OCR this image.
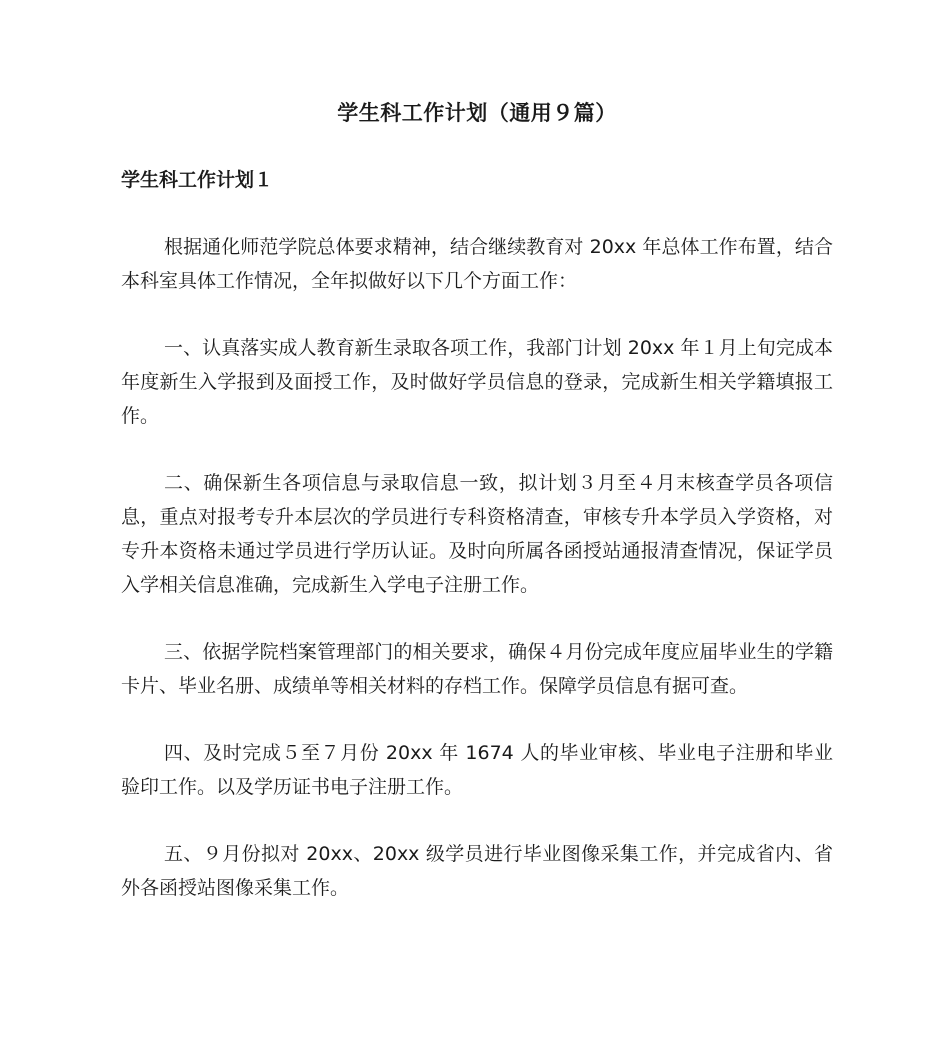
学生科工作计划（通用９篇）
学生科工作计划１

根据通化师范学院总体要求精神，结合继续教育对 20xx 年总体工作布置，结合本科室具体工作情况，全年拟做好以下几个方面工作：

一、认真落实成人教育新生录取各项工作，我部门计划 20xx 年１月上旬完成本年度新生入学报到及面授工作，及时做好学员信息的登录，完成新生相关学籍填报工作。

二、确保新生各项信息与录取信息一致，拟计划３月至４月末核查学员各项信息，重点对报考专升本层次的学员进行专科资格清查，审核专升本学员入学资格，对专升本资格未通过学员进行学历认证。及时向所属各函授站通报清查情况，保证学员入学相关信息准确，完成新生入学电子注册工作。

三、依据学院档案管理部门的相关要求，确保４月份完成年度应届毕业生的学籍卡片、毕业名册、成绩单等相关材料的存档工作。保障学员信息有据可查。

四、及时完成５至７月份 20xx 年 1674 人的毕业审核、毕业电子注册和毕业验印工作。以及学历证书电子注册工作。

五、９月份拟对 20xx、20xx 级学员进行毕业图像采集工作，并完成省内、省外各函授站图像采集工作。
